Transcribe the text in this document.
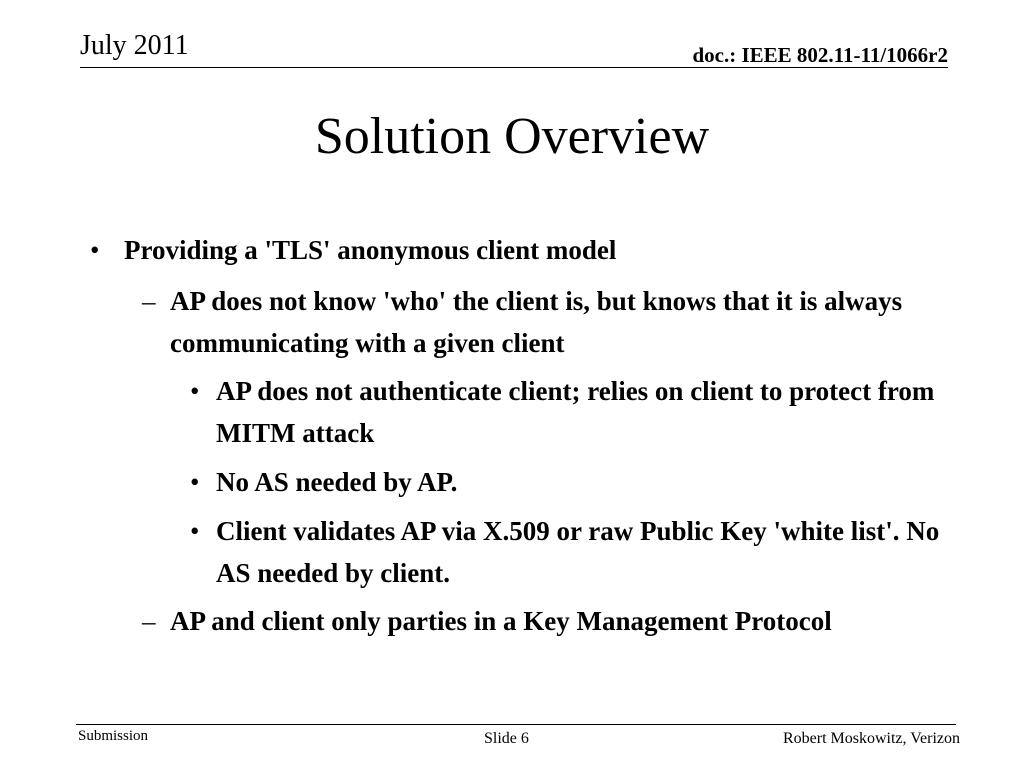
July 2011	doc.: IEEE 802.11-11/1066r2
Solution Overview
• Providing a 'TLS' anonymous client model
– AP does not know 'who' the client is, but knows that it is always communicating with a given client
• AP does not authenticate client; relies on client to protect from MITM attack
• No AS needed by AP.
• Client validates AP via X.509 or raw Public Key 'white list'. No AS needed by client.
– AP and client only parties in a Key Management Protocol
Submission	Slide 6	Robert Moskowitz, Verizon
